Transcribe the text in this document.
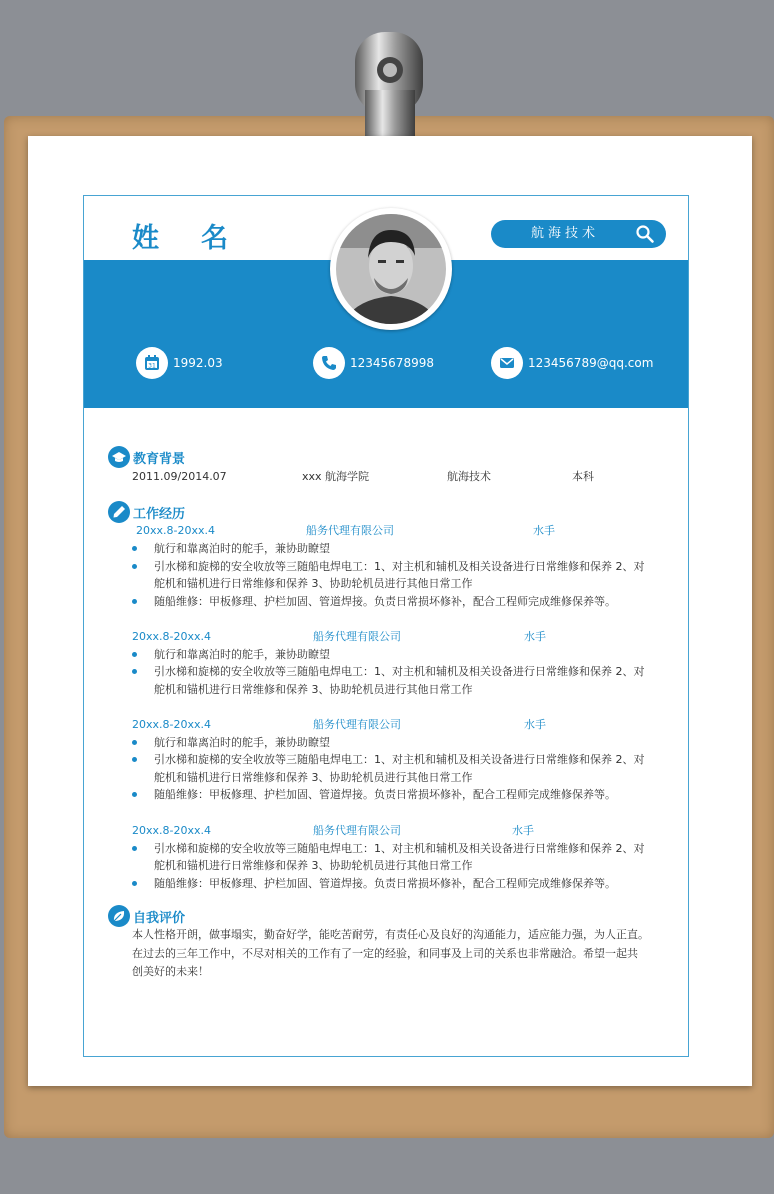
姓名	航海技术
31 1992.03	12345678998	123456789@qq.com
教育背景
2011.09/2014.07	xxx 航海学院	航海技术	本科
工作经历
20xx.8-20xx.4	船务代理有限公司	水手
航行和靠离泊时的舵手，兼协助瞭望
引水梯和旋梯的安全收放等三随船电焊电工：1、对主机和辅机及相关设备进行日常维修和保养 2、对
舵机和锚机进行日常维修和保养 3、协助轮机员进行其他日常工作
随船维修：甲板修理、护栏加固、管道焊接。负责日常损坏修补，配合工程师完成维修保养等。
20xx.8-20xx.4	船务代理有限公司	水手
航行和靠离泊时的舵手，兼协助瞭望
引水梯和旋梯的安全收放等三随船电焊电工：1、对主机和辅机及相关设备进行日常维修和保养 2、对
舵机和锚机进行日常维修和保养 3、协助轮机员进行其他日常工作
20xx.8-20xx.4	船务代理有限公司	水手
航行和靠离泊时的舵手，兼协助瞭望
引水梯和旋梯的安全收放等三随船电焊电工：1、对主机和辅机及相关设备进行日常维修和保养 2、对
舵机和锚机进行日常维修和保养 3、协助轮机员进行其他日常工作
随船维修：甲板修理、护栏加固、管道焊接。负责日常损坏修补，配合工程师完成维修保养等。
20xx.8-20xx.4	船务代理有限公司	水手
引水梯和旋梯的安全收放等三随船电焊电工：1、对主机和辅机及相关设备进行日常维修和保养 2、对
舵机和锚机进行日常维修和保养 3、协助轮机员进行其他日常工作
随船维修：甲板修理、护栏加固、管道焊接。负责日常损坏修补，配合工程师完成维修保养等。
自我评价
本人性格开朗，做事塌实，勤奋好学，能吃苦耐劳，有责任心及良好的沟通能力，适应能力强，为人正直。
在过去的三年工作中，不尽对相关的工作有了一定的经验，和同事及上司的关系也非常融洽。希望一起共
创美好的未来！
